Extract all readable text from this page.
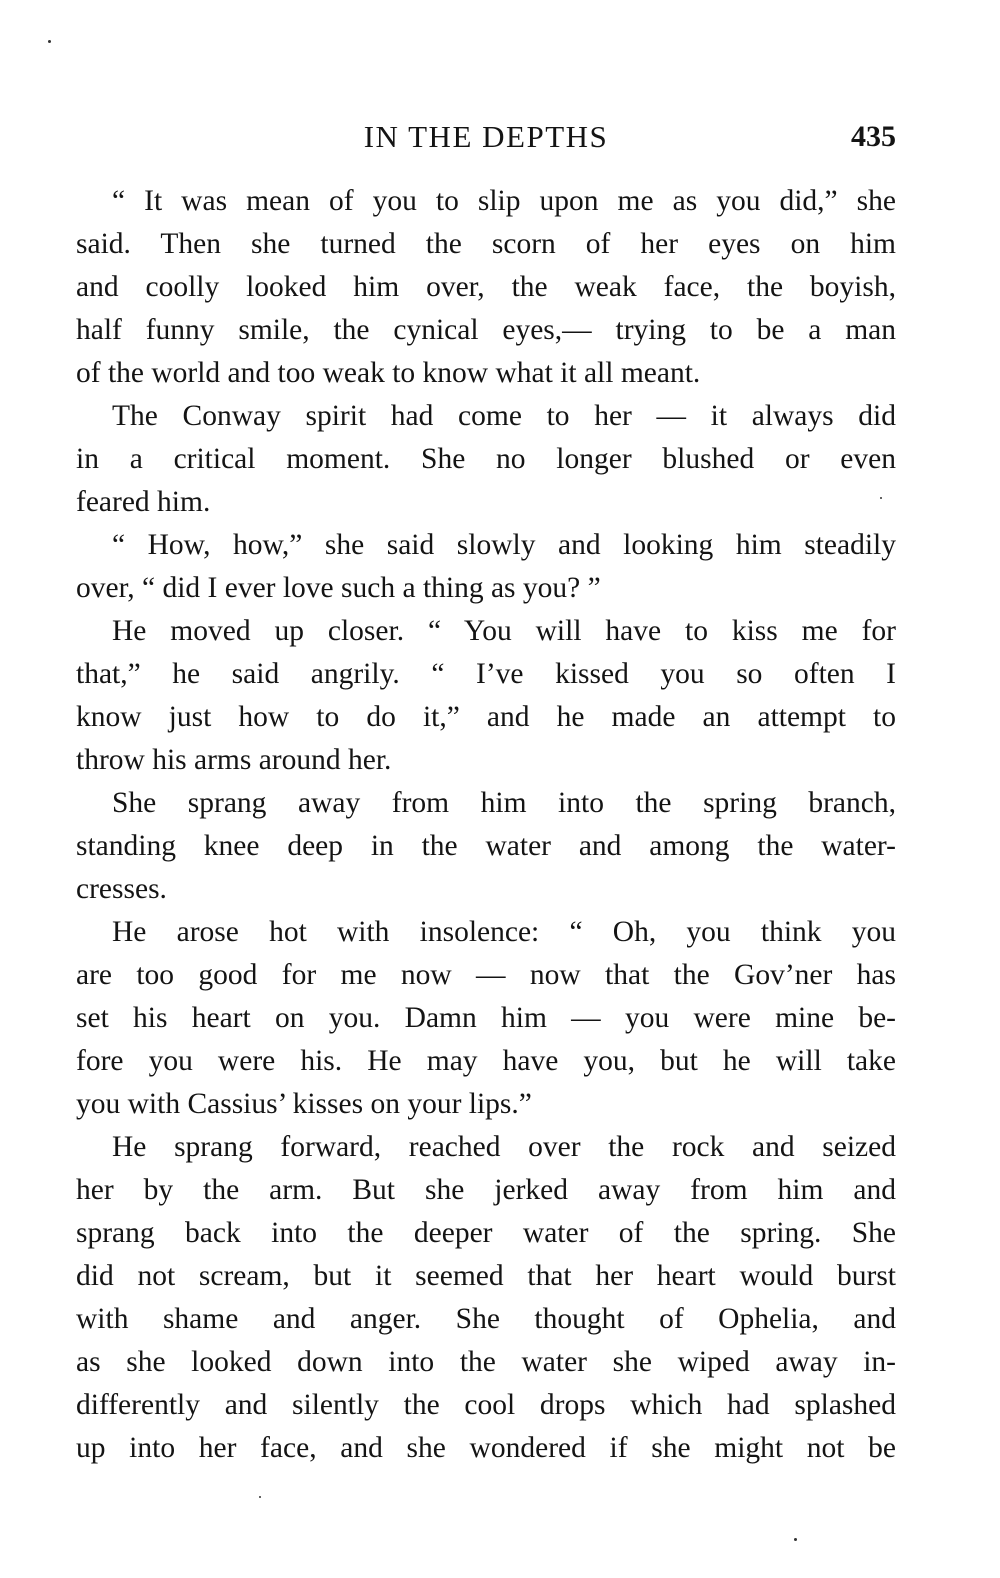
IN THE DEPTHS	435
“ It was mean of you to slip upon me as you did,” she
said. Then she turned the scorn of her eyes on him
and coolly looked him over, the weak face, the boyish,
half funny smile, the cynical eyes,— trying to be a man
of the world and too weak to know what it all meant.
The Conway spirit had come to her — it always did
in a critical moment. She no longer blushed or even
feared him.
“ How, how,” she said slowly and looking him steadily
over, “ did I ever love such a thing as you? ”
He moved up closer. “ You will have to kiss me for
that,” he said angrily. “ I’ve kissed you so often I
know just how to do it,” and he made an attempt to
throw his arms around her.
She sprang away from him into the spring branch,
standing knee deep in the water and among the water-
cresses.
He arose hot with insolence: “ Oh, you think you
are too good for me now — now that the Gov’ner has
set his heart on you. Damn him — you were mine be-
fore you were his. He may have you, but he will take
you with Cassius’ kisses on your lips.”
He sprang forward, reached over the rock and seized
her by the arm. But she jerked away from him and
sprang back into the deeper water of the spring. She
did not scream, but it seemed that her heart would burst
with shame and anger. She thought of Ophelia, and
as she looked down into the water she wiped away in-
differently and silently the cool drops which had splashed
up into her face, and she wondered if she might not be
